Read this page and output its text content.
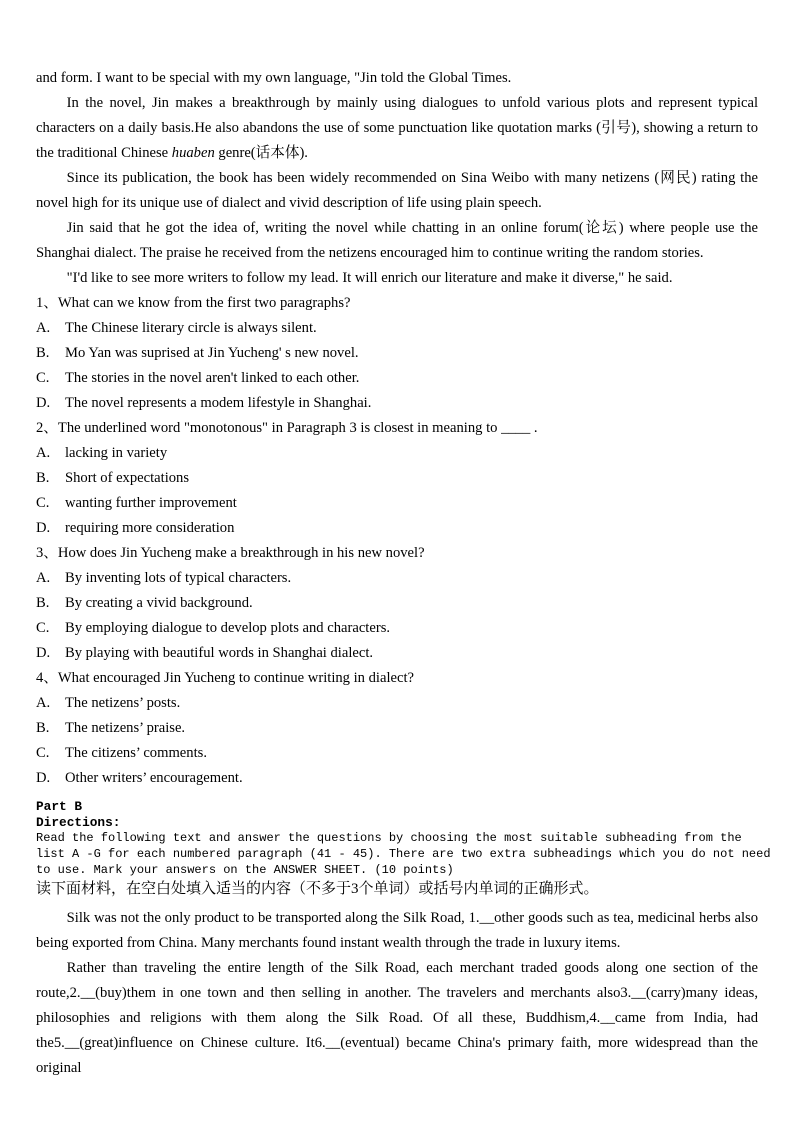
and form. I want to be special with my own language, "Jin told the Global Times.

In the novel, Jin makes a breakthrough by mainly using dialogues to unfold various plots and represent typical characters on a daily basis.He also abandons the use of some punctuation like quotation marks (引号), showing a return to the traditional Chinese huaben genre(话本体).

Since its publication, the book has been widely recommended on Sina Weibo with many netizens (网民) rating the novel high for its unique use of dialect and vivid description of life using plain speech.

Jin said that he got the idea of, writing the novel while chatting in an online forum(论坛) where people use the Shanghai dialect. The praise he received from the netizens encouraged him to continue writing the random stories.

"I'd like to see more writers to follow my lead. It will enrich our literature and make it diverse," he said.

1、What can we know from the first two paragraphs?
A. The Chinese literary circle is always silent.
B. Mo Yan was suprised at Jin Yucheng' s new novel.
C. The stories in the novel aren't linked to each other.
D. The novel represents a modem lifestyle in Shanghai.
2、The underlined word "monotonous" in Paragraph 3 is closest in meaning to ____ .
A. lacking in variety
B. Short of expectations
C. wanting further improvement
D. requiring more consideration
3、How does Jin Yucheng make a breakthrough in his new novel?
A. By inventing lots of typical characters.
B. By creating a vivid background.
C. By employing dialogue to develop plots and characters.
D. By playing with beautiful words in Shanghai dialect.
4、What encouraged Jin Yucheng to continue writing in dialect?
A. The netizens’ posts.
B. The netizens’ praise.
C. The citizens’ comments.
D. Other writers’ encouragement.
Part B
Directions:
Read the following text and answer the questions by choosing the most suitable subheading from the
list A -G for each numbered paragraph (41 - 45). There are two extra subheadings which you do not need
to use. Mark your answers on the ANSWER SHEET. (10 points)
读下面材料，在空白处填入适当的内容（不多于3个单词）或括号内单词的正确形式。

Silk was not the only product to be transported along the Silk Road, 1.__other goods such as tea, medicinal herbs also being exported from China. Many merchants found instant wealth through the trade in luxury items.

Rather than traveling the entire length of the Silk Road, each merchant traded goods along one section of the route,2.__(buy)them in one town and then selling in another. The travelers and merchants also3.__(carry)many ideas, philosophies and religions with them along the Silk Road. Of all these, Buddhism,4.__came from India, had the5.__(great)influence on Chinese culture. It6.__(eventual) became China's primary faith, more widespread than the original
